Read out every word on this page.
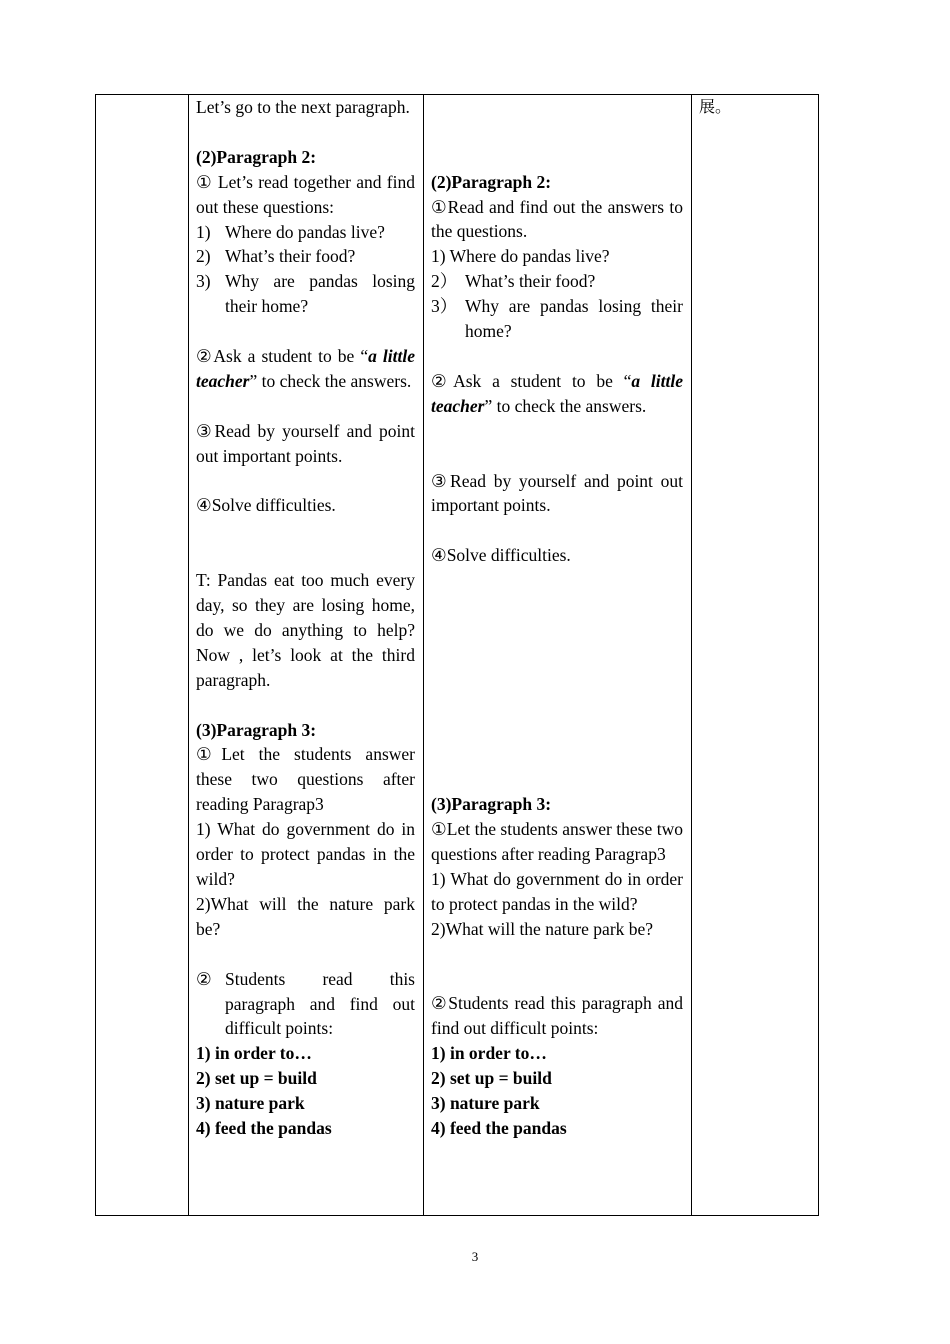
Let’s go to the next paragraph.

(2)Paragraph 2:

① Let’s read together and find out these questions:

1) Where do pandas live?
2) What’s their food?
3) Why are pandas losing their home?

②Ask a student to be “a little teacher” to check the answers.

③Read by yourself and point out important points.

④Solve difficulties.

T: Pandas eat too much every day, so they are losing home, do we do anything to help? Now , let’s look at the third paragraph.

(3)Paragraph 3:

①Let the students answer these two questions after reading Paragrap3

1) What do government do in order to protect pandas in the wild?

2)What will the nature park be?

② Students read this paragraph and find out difficult points:

1) in order to…

2) set up = build

3) nature park

4) feed the pandas

(2)Paragraph 2:

①Read and find out the answers to the questions.

1) Where do pandas live?

2） What’s their food?
3） Why are pandas losing their home?

②Ask a student to be “a little teacher” to check the answers.

③Read by yourself and point out important points.

④Solve difficulties.

(3)Paragraph 3:

①Let the students answer these two questions after reading Paragrap3

1) What do government do in order to protect pandas in the wild?

2)What will the nature park be?

②Students read this paragraph and find out difficult points:

1) in order to…

2) set up = build

3) nature park

4) feed the pandas

展。

3
